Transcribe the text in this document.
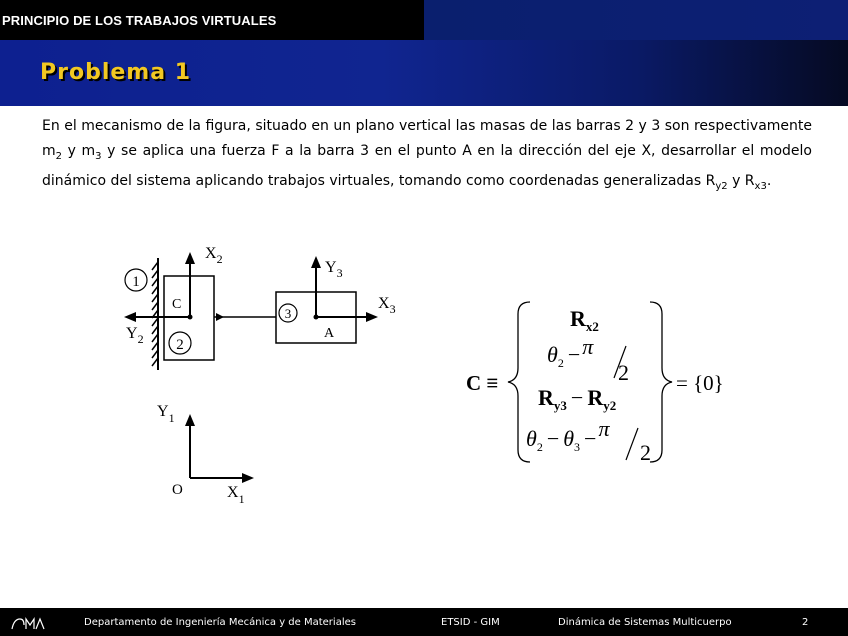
PRINCIPIO DE LOS TRABAJOS VIRTUALES
Problema 1
En el mecanismo de la figura, situado en un plano vertical las masas de las barras 2 y 3 son respectivamente $m_2$ y $m_3$ y se aplica una fuerza F a la barra 3 en el punto A en la dirección del eje X, desarrollar el modelo dinámico del sistema aplicando trabajos virtuales, tomando como coordenadas generalizadas $R_{y2}$ y $R_{x3}$.
1
2
3
$X_2$
$Y_2$
$Y_3$
$X_3$
C
A
$Y_1$
$X_1$
O
C ≡
$R_{x2}$
$\theta_2 -\pi$
2
$R_{y3} - R_{y2}$
$\theta_2 - \theta_3 -\pi$
2
= {0}
Departamento de Ingeniería Mecánica y de Materiales	ETSID - GIM	Dinámica de Sistemas Multicuerpo	2
